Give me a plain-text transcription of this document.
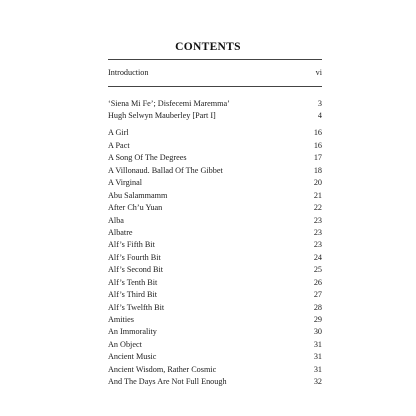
CONTENTS
Introduction	vi
‘Siena Mi Fe’; Disfecemi Maremma’	3
Hugh Selwyn Mauberley [Part I]	4
A Girl	16
A Pact	16
A Song Of The Degrees	17
A Villonaud. Ballad Of The Gibbet	18
A Virginal	20
Abu Salammamm	21
After Ch’u Yuan	22
Alba	23
Albatre	23
Alf’s Fifth Bit	23
Alf’s Fourth Bit	24
Alf’s Second Bit	25
Alf’s Tenth Bit	26
Alf’s Third Bit	27
Alf’s Twelfth Bit	28
Amities	29
An Immorality	30
An Object	31
Ancient Music	31
Ancient Wisdom, Rather Cosmic	31
And The Days Are Not Full Enough	32
